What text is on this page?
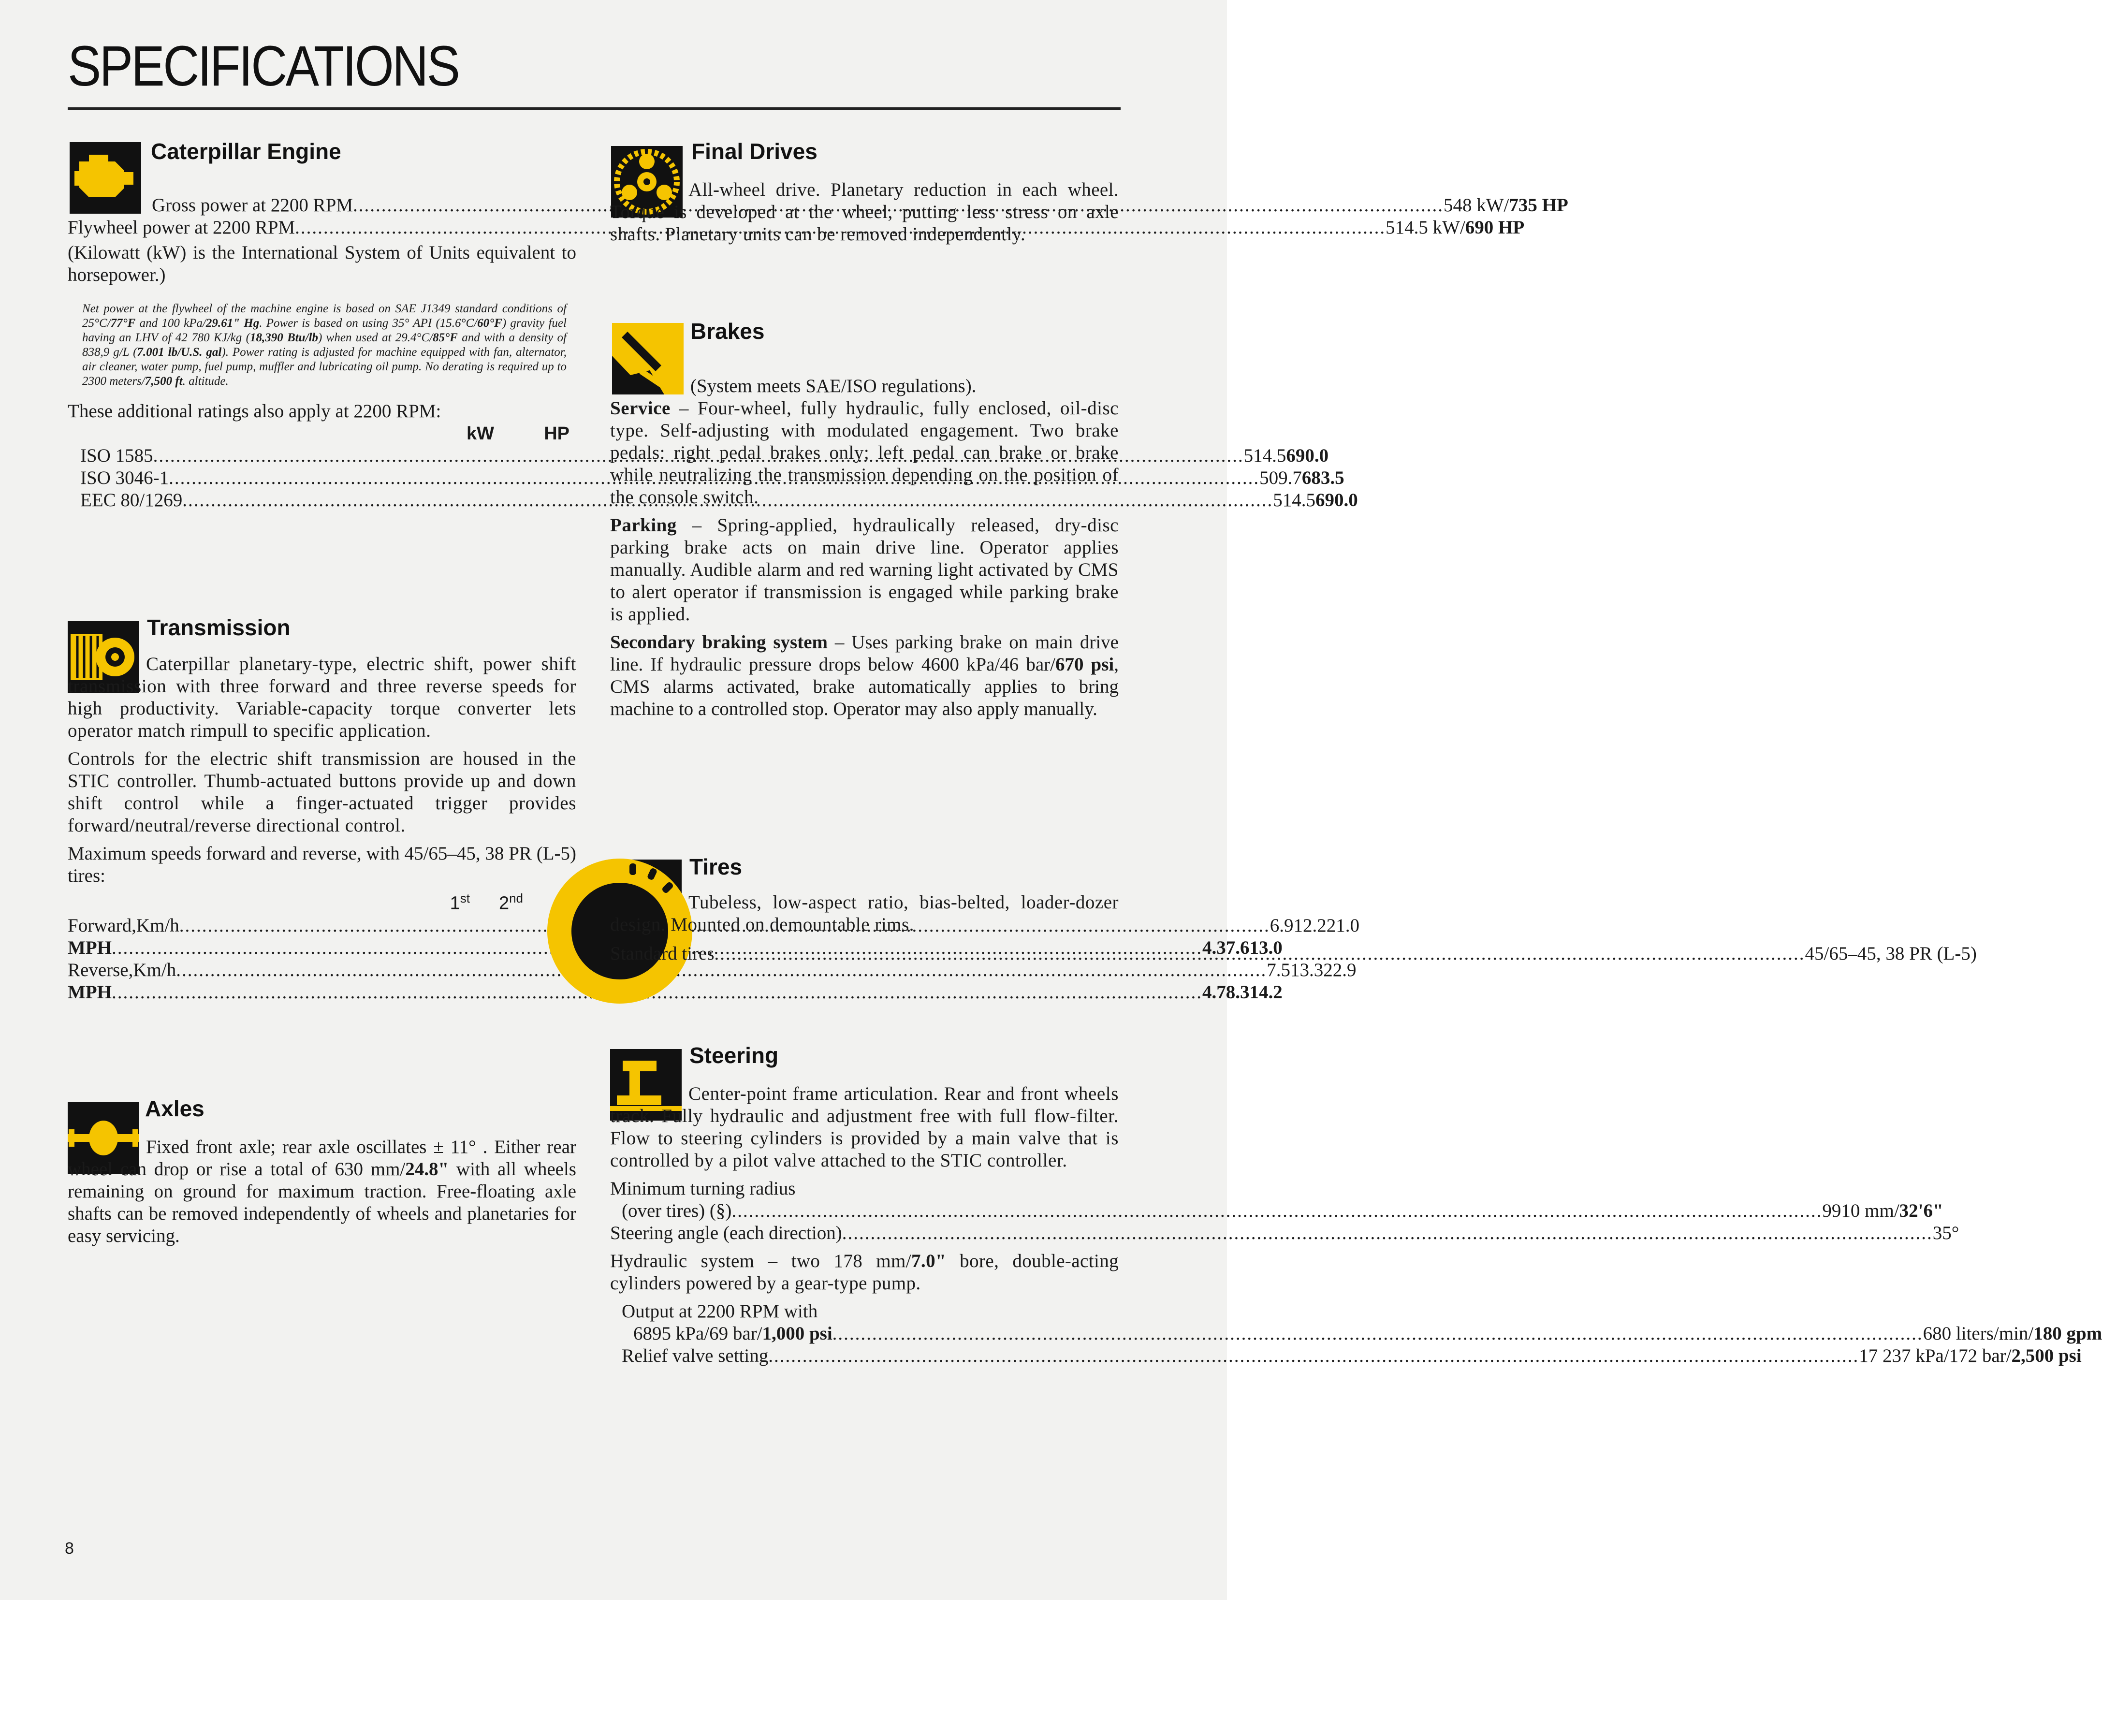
SPECIFICATIONS
Caterpillar Engine
Gross power at 2200 RPM .....	548 kW/735 HP
Flywheel power at 2200 RPM .....	514.5 kW/690 HP

(Kilowatt (kW) is the International System of Units equivalent to horsepower.)

Net power at the flywheel of the machine engine is based on SAE J1349 standard conditions of 25°C/77°F and 100 kPa/29.61" Hg. Power is based on using 35° API (15.6°C/60°F) gravity fuel having an LHV of 42 780 KJ/kg (18,390 Btu/lb) when used at 29.4°C/85°F and with a density of 838,9 g/L (7.001 lb/U.S. gal). Power rating is adjusted for machine equipped with fan, alternator, air cleaner, water pump, fuel pump, muffler and lubricating oil pump. No derating is required up to 2300 meters/7,500 ft. altitude.

These additional ratings also apply at 2200 RPM:

kW	HP
ISO 1585 .....	514.5 690.0
ISO 3046-1 .....	509.7 683.5
EEC 80/1269 .....	514.5 690.0
Transmission

Caterpillar planetary-type, electric shift, power shift transmission with three forward and three reverse speeds for high productivity. Variable-capacity torque converter lets operator match rimpull to specific application.

Controls for the electric shift transmission are housed in the STIC controller. Thumb-actuated buttons provide up and down shift control while a finger-actuated trigger provides forward/neutral/reverse directional control.

Maximum speeds forward and reverse, with 45/65–45, 38 PR (L-5) tires:

1st	2nd
Forward, Km/h .....	6.9 12.2 21.0
MPH .....	4.3 7.6 13.0
Reverse, Km/h .....	7.5 13.3 22.9
MPH .....	4.7 8.3 14.2
Axles

Fixed front axle; rear axle oscillates ± 11° . Either rear wheel can drop or rise a total of 630 mm/24.8" with all wheels remaining on ground for maximum traction. Free-floating axle shafts can be removed independently of wheels and planetaries for easy servicing.

Final Drives

All-wheel drive. Planetary reduction in each wheel. Torque is developed at the wheel, putting less stress on axle shafts. Planetary units can be removed independently.

Brakes

(System meets SAE/ISO regulations).

Service – Four-wheel, fully hydraulic, fully enclosed, oil-disc type. Self-adjusting with modulated engagement. Two brake pedals: right pedal brakes only; left pedal can brake or brake while neutralizing the transmission depending on the position of the console switch.

Parking – Spring-applied, hydraulically released, dry-disc parking brake acts on main drive line. Operator applies manually. Audible alarm and red warning light activated by CMS to alert operator if transmission is engaged while parking brake is applied.

Secondary braking system – Uses parking brake on main drive line. If hydraulic pressure drops below 4600 kPa/46 bar/670 psi, CMS alarms activated, brake automatically applies to bring machine to a controlled stop. Operator may also apply manually.

Tires

Tubeless, low-aspect ratio, bias-belted, loader-dozer design. Mounted on demountable rims.

Standard tires .....	45/65–45, 38 PR (L-5)
Steering

Center-point frame articulation. Rear and front wheels track. Fully hydraulic and adjustment free with full flow-filter. Flow to steering cylinders is provided by a main valve that is controlled by a pilot valve attached to the STIC controller.

Minimum turning radius

(over tires) (§) .....	9910 mm/32'6"
Steering angle (each direction) .....	35°

Hydraulic system – two 178 mm/7.0" bore, double-acting cylinders powered by a gear-type pump.

Output at 2200 RPM with

6895 kPa/69 bar/1,000 psi .....	680 liters/min/180 gpm
Relief valve setting .....	17 237 kPa/172 bar/2,500 psi
8
